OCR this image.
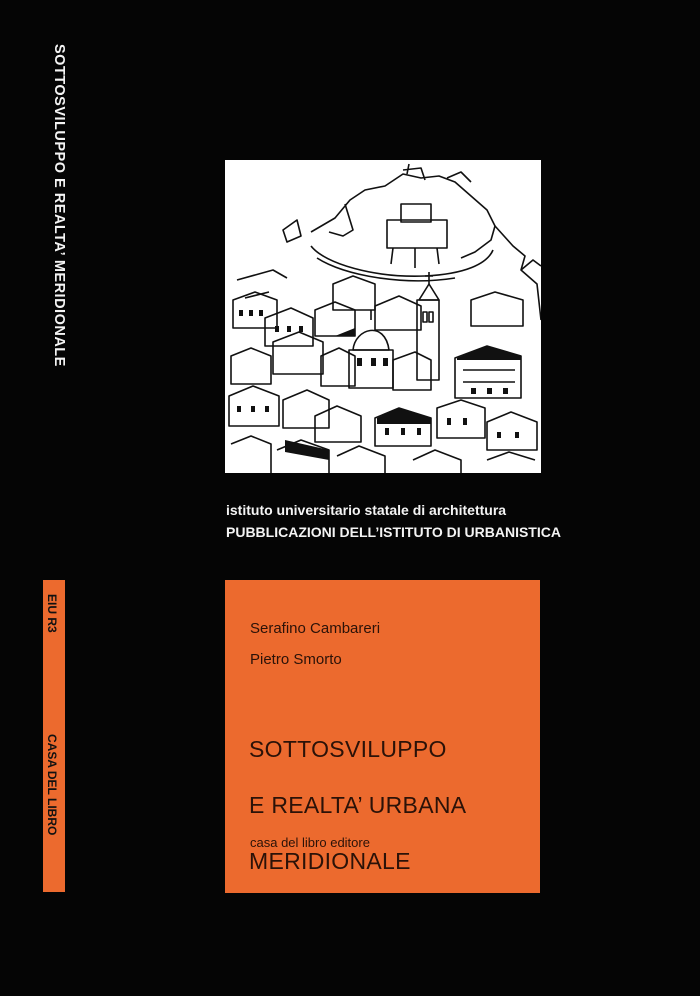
SOTTOSVILUPPO E REALTA’ MERIDIONALE
EIU R3
CASA DEL LIBRO
istituto universitario statale di architettura
PUBBLICAZIONI DELL’ISTITUTO DI URBANISTICA
Serafino Cambareri
Pietro Smorto

SOTTOSVILUPPO

E REALTA’ URBANA

MERIDIONALE

casa del libro editore
